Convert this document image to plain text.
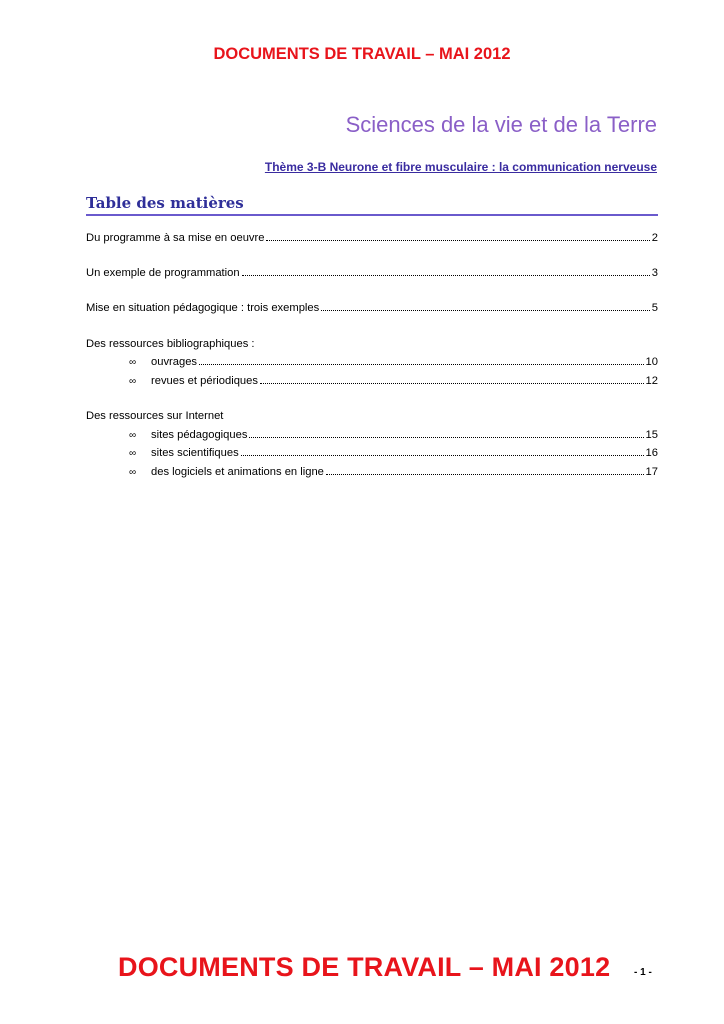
DOCUMENTS DE TRAVAIL – MAI 2012
Sciences de la vie et de la Terre
Thème 3-B Neurone et fibre musculaire : la communication nerveuse
Table des matières
Du programme à sa mise en oeuvre	2
Un exemple de programmation	3
Mise en situation pédagogique : trois exemples	5
Des ressources bibliographiques :
∞	ouvrages	10
∞	revues et périodiques	12
Des ressources sur Internet
∞	sites pédagogiques	15
∞	sites scientifiques	16
∞	des logiciels et animations en ligne	17
DOCUMENTS DE TRAVAIL – MAI 2012 - 1 -
